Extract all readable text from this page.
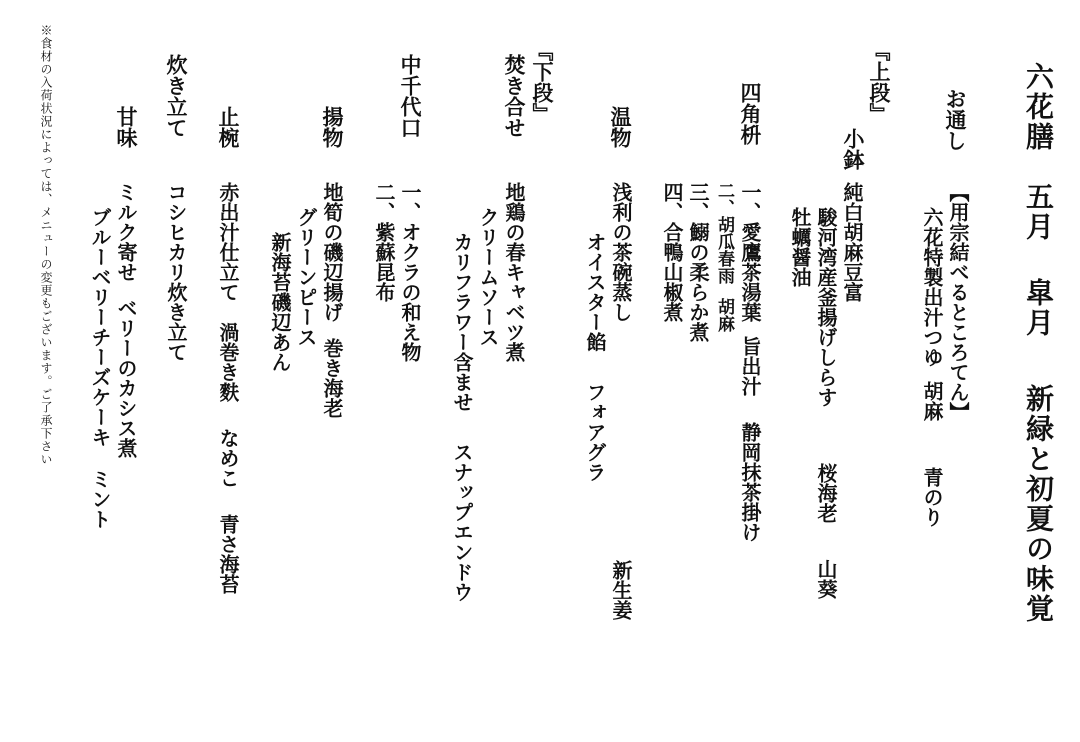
六花膳五月皐月新緑と初夏の味覚
お通し
【用宗結べるところてん】
六花特製出汁つゆ胡麻青のり
『上段』
小鉢
純白胡麻豆富
駿河湾産釜揚げしらす桜海老山葵
牡蠣醤油
四角枡
一、愛鷹茶湯葉旨出汁静岡抹茶掛け
二、胡瓜春雨胡麻
三、鰯の柔らか煮
四、合鴨山椒煮
温物
浅利の茶碗蒸し新生姜
オイスター餡フォアグラ
『下段』
焚き合せ
地鶏の春キャベツ煮
クリームソース
カリフラワー含ませスナップエンドウ
中千代口
一、オクラの和え物
二、紫蘇昆布
揚物
地筍の磯辺揚げ巻き海老
グリーンピース
新海苔磯辺あん
止椀
赤出汁仕立て渦巻き麩なめこ青さ海苔
炊き立て
コシヒカリ炊き立て
甘味
ミルク寄せベリーのカシス煮
ブルーベリーチーズケーキミント
※食材の入荷状況によっては、メニューの変更もございます。ご了承下さい
